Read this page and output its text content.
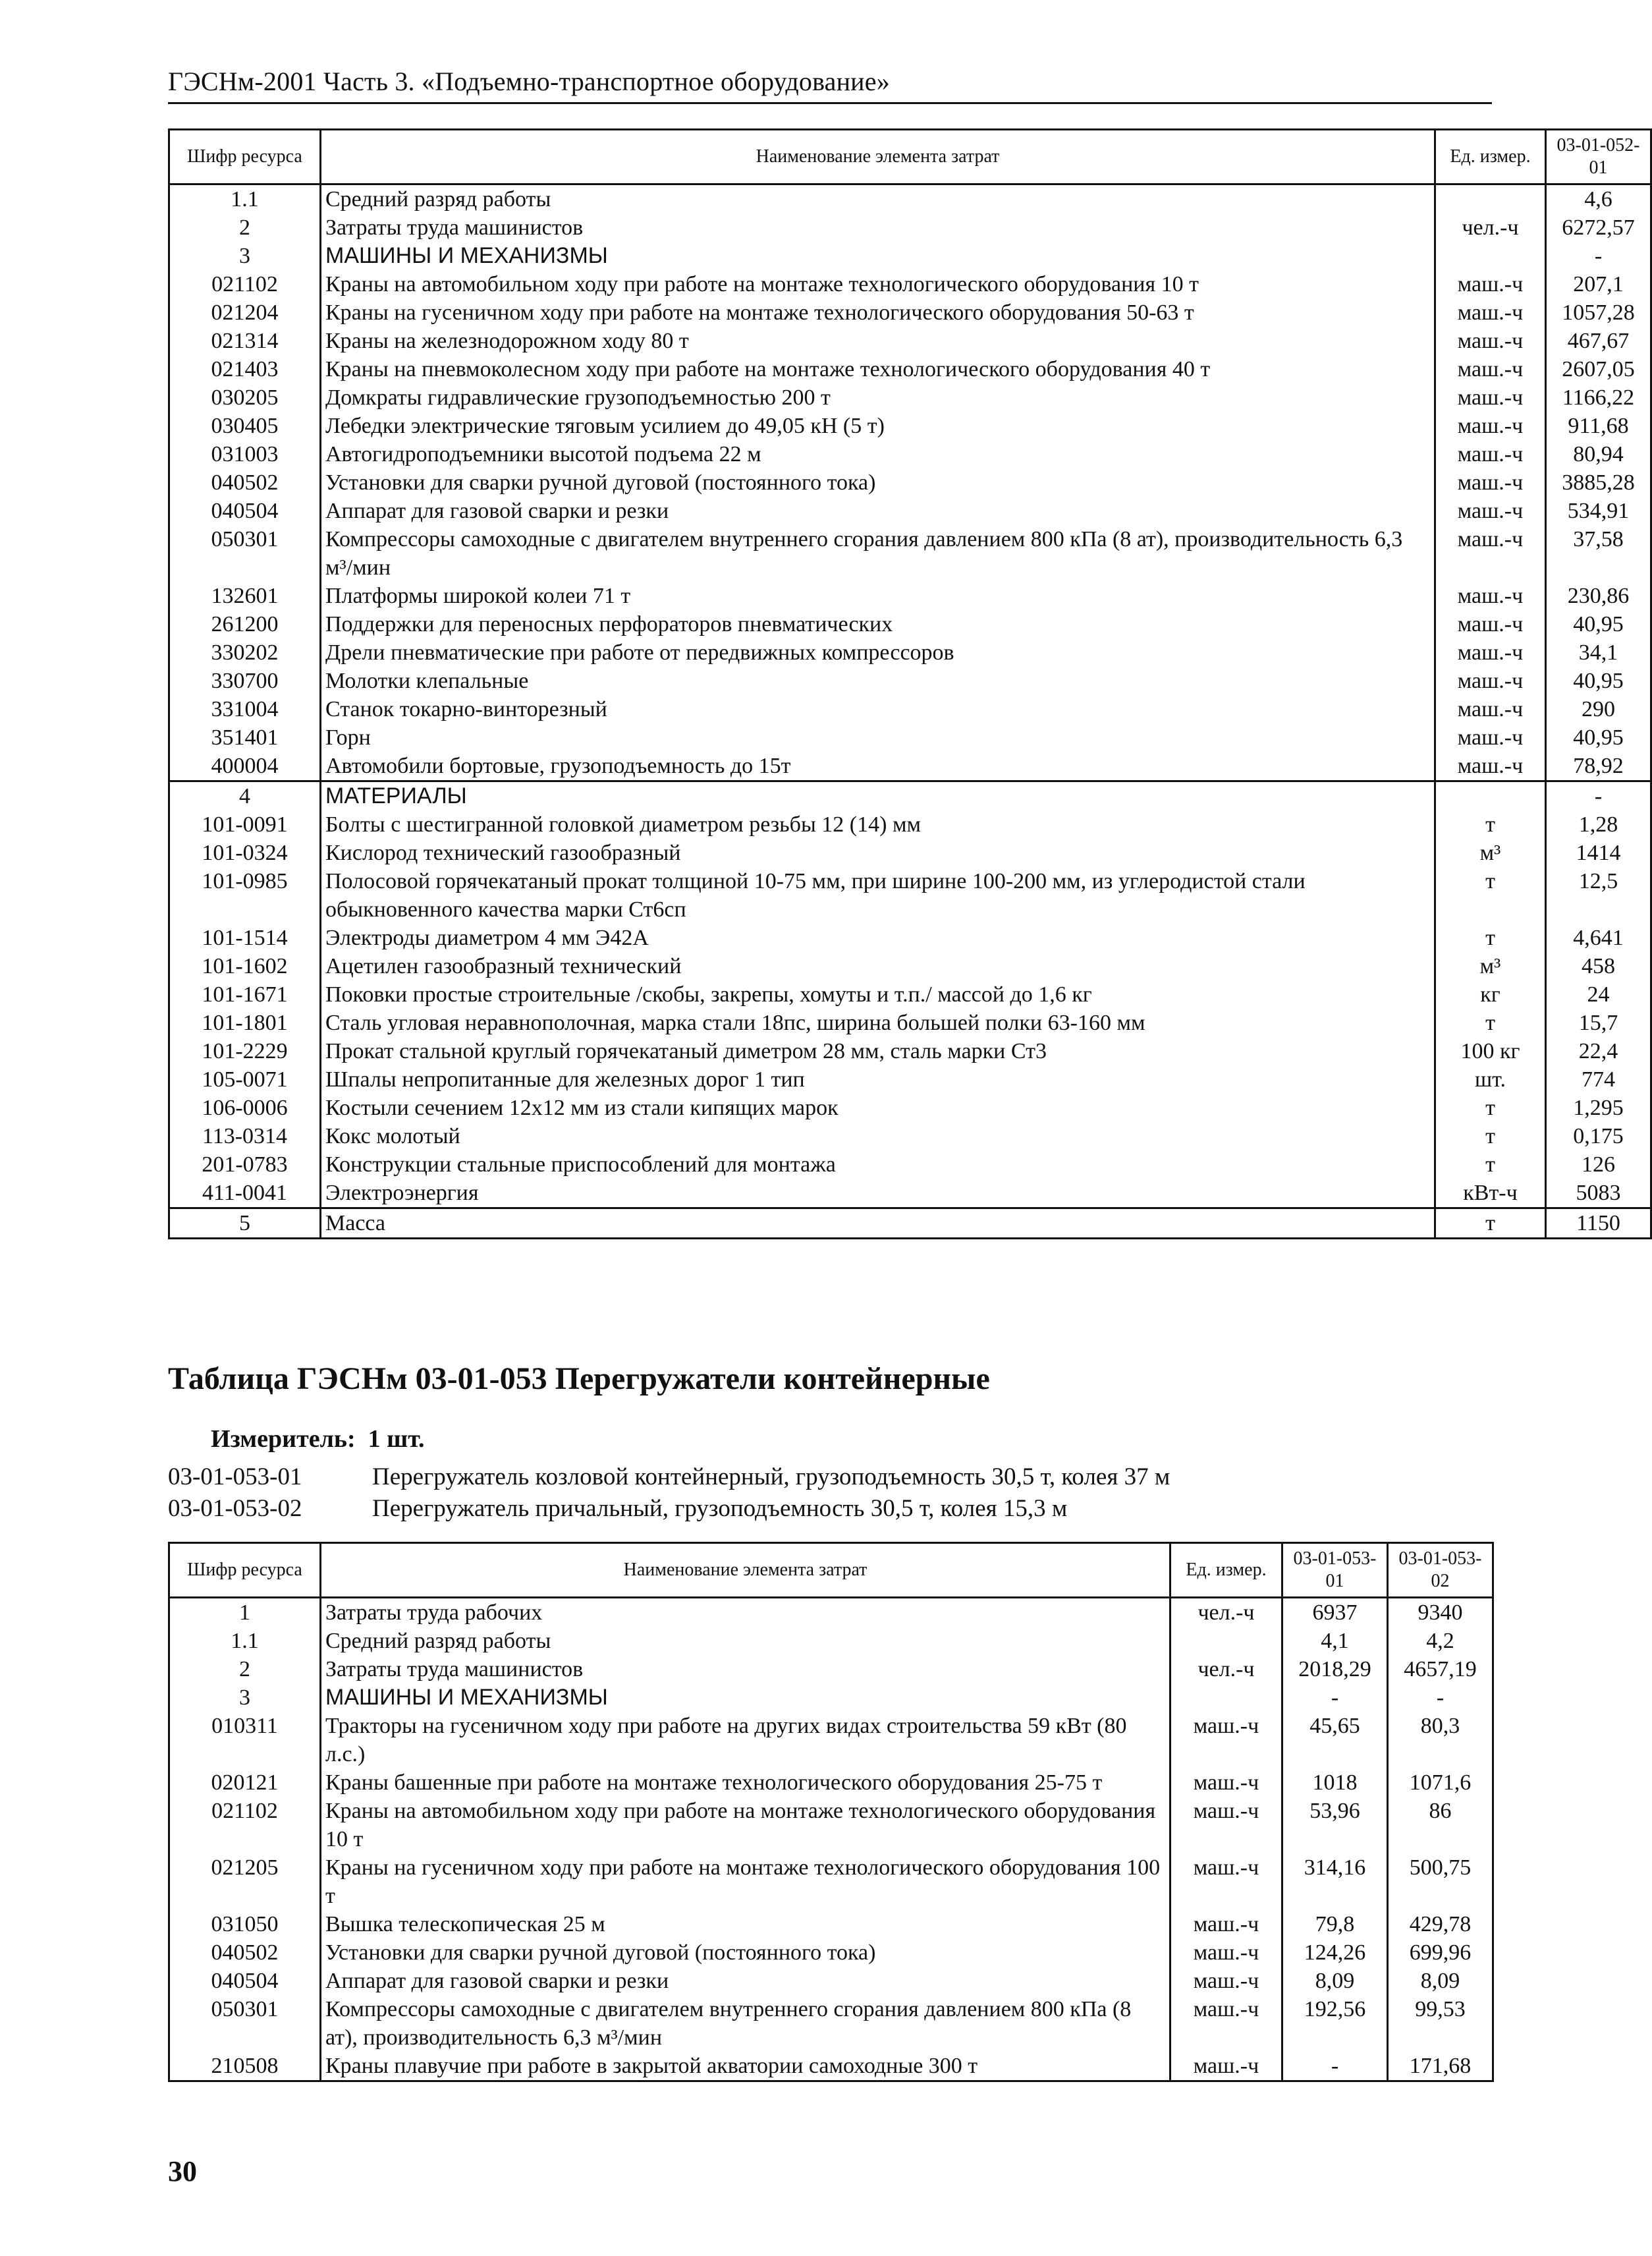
ГЭСНм-2001 Часть 3. «Подъемно-транспортное оборудование»
Шифр ресурса	Наименование элемента затрат	Ед. измер.	03-01-052-01
1.1	Средний разряд работы		4,6
2	Затраты труда машинистов	чел.-ч	6272,57
3	МАШИНЫ И МЕХАНИЗМЫ		-
021102	Краны на автомобильном ходу при работе на монтаже технологического оборудования 10 т	маш.-ч	207,1
021204	Краны на гусеничном ходу при работе на монтаже технологического оборудования 50-63 т	маш.-ч	1057,28
021314	Краны на железнодорожном ходу 80 т	маш.-ч	467,67
021403	Краны на пневмоколесном ходу при работе на монтаже технологического оборудования 40 т	маш.-ч	2607,05
030205	Домкраты гидравлические грузоподъемностью 200 т	маш.-ч	1166,22
030405	Лебедки электрические тяговым усилием до 49,05 кН (5 т)	маш.-ч	911,68
031003	Автогидроподъемники высотой подъема 22 м	маш.-ч	80,94
040502	Установки для сварки ручной дуговой (постоянного тока)	маш.-ч	3885,28
040504	Аппарат для газовой сварки и резки	маш.-ч	534,91
050301	Компрессоры самоходные с двигателем внутреннего сгорания давлением 800 кПа (8 ат), производительность 6,3 м³/мин	маш.-ч	37,58
132601	Платформы широкой колеи 71 т	маш.-ч	230,86
261200	Поддержки для переносных перфораторов пневматических	маш.-ч	40,95
330202	Дрели пневматические при работе от передвижных компрессоров	маш.-ч	34,1
330700	Молотки клепальные	маш.-ч	40,95
331004	Станок токарно-винторезный	маш.-ч	290
351401	Горн	маш.-ч	40,95
400004	Автомобили бортовые, грузоподъемность до 15т	маш.-ч	78,92
4	МАТЕРИАЛЫ		-
101-0091	Болты с шестигранной головкой диаметром резьбы 12 (14) мм	т	1,28
101-0324	Кислород технический газообразный	м³	1414
101-0985	Полосовой горячекатаный прокат толщиной 10-75 мм, при ширине 100-200 мм, из углеродистой стали обыкновенного качества марки Ст6сп	т	12,5
101-1514	Электроды диаметром 4 мм Э42А	т	4,641
101-1602	Ацетилен газообразный технический	м³	458
101-1671	Поковки простые строительные /скобы, закрепы, хомуты и т.п./ массой до 1,6 кг	кг	24
101-1801	Сталь угловая неравнополочная, марка стали 18пс, ширина большей полки 63-160 мм	т	15,7
101-2229	Прокат стальной круглый горячекатаный диметром 28 мм, сталь марки Ст3	100 кг	22,4
105-0071	Шпалы непропитанные для железных дорог 1 тип	шт.	774
106-0006	Костыли сечением 12х12 мм из стали кипящих марок	т	1,295
113-0314	Кокс молотый	т	0,175
201-0783	Конструкции стальные приспособлений для монтажа	т	126
411-0041	Электроэнергия	кВт-ч	5083
5	Масса	т	1150
Таблица ГЭСНм 03-01-053 Перегружатели контейнерные
Измеритель: 1 шт.
03-01-053-01	Перегружатель козловой контейнерный, грузоподъемность 30,5 т, колея 37 м
03-01-053-02	Перегружатель причальный, грузоподъемность 30,5 т, колея 15,3 м
Шифр ресурса	Наименование элемента затрат	Ед. измер.	03-01-053-01	03-01-053-02
1	Затраты труда рабочих	чел.-ч	6937	9340
1.1	Средний разряд работы		4,1	4,2
2	Затраты труда машинистов	чел.-ч	2018,29	4657,19
3	МАШИНЫ И МЕХАНИЗМЫ		-	-
010311	Тракторы на гусеничном ходу при работе на других видах строительства 59 кВт (80 л.с.)	маш.-ч	45,65	80,3
020121	Краны башенные при работе на монтаже технологического оборудования 25-75 т	маш.-ч	1018	1071,6
021102	Краны на автомобильном ходу при работе на монтаже технологического оборудования 10 т	маш.-ч	53,96	86
021205	Краны на гусеничном ходу при работе на монтаже технологического оборудования 100 т	маш.-ч	314,16	500,75
031050	Вышка телескопическая 25 м	маш.-ч	79,8	429,78
040502	Установки для сварки ручной дуговой (постоянного тока)	маш.-ч	124,26	699,96
040504	Аппарат для газовой сварки и резки	маш.-ч	8,09	8,09
050301	Компрессоры самоходные с двигателем внутреннего сгорания давлением 800 кПа (8 ат), производительность 6,3 м³/мин	маш.-ч	192,56	99,53
210508	Краны плавучие при работе в закрытой акватории самоходные 300 т	маш.-ч	-	171,68
30
